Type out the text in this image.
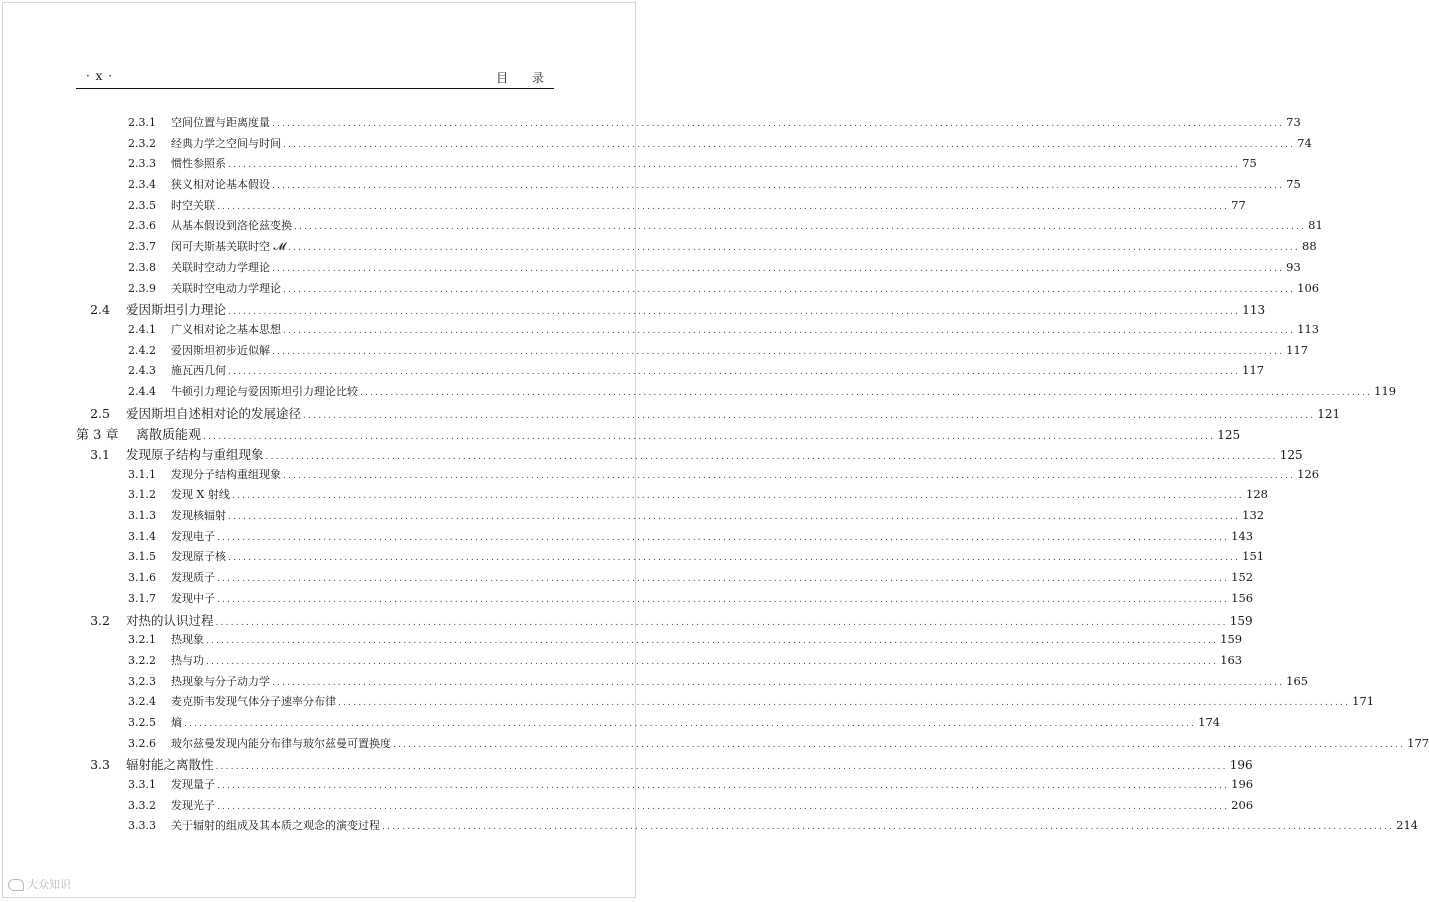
· x ·	目 录
2.3.1	空间位置与距离度量 ........................................................................................................................................................................................................ 73
2.3.2	经典力学之空间与时间 ........................................................................................................................................................................................................ 74
2.3.3	惯性参照系 ........................................................................................................................................................................................................ 75
2.3.4	狭义相对论基本假设 ........................................................................................................................................................................................................ 75
2.3.5	时空关联 ........................................................................................................................................................................................................ 77
2.3.6	从基本假设到洛伦兹变换 ........................................................................................................................................................................................................ 81
2.3.7	闵可夫斯基关联时空 𝓜 ........................................................................................................................................................................................................ 88
2.3.8	关联时空动力学理论 ........................................................................................................................................................................................................ 93
2.3.9	关联时空电动力学理论 ........................................................................................................................................................................................................ 106
2.4	爱因斯坦引力理论 ........................................................................................................................................................................................................ 113
2.4.1	广义相对论之基本思想 ........................................................................................................................................................................................................ 113
2.4.2	爱因斯坦初步近似解 ........................................................................................................................................................................................................ 117
2.4.3	施瓦西几何 ........................................................................................................................................................................................................ 117
2.4.4	牛顿引力理论与爱因斯坦引力理论比较 ........................................................................................................................................................................................................ 119
2.5	爱因斯坦自述相对论的发展途径 ........................................................................................................................................................................................................ 121
第 3 章	离散质能观 ........................................................................................................................................................................................................ 125
3.1	发现原子结构与重组现象 ........................................................................................................................................................................................................ 125
3.1.1	发现分子结构重组现象 ........................................................................................................................................................................................................ 126
3.1.2	发现 X 射线 ........................................................................................................................................................................................................ 128
3.1.3	发现核辐射 ........................................................................................................................................................................................................ 132
3.1.4	发现电子 ........................................................................................................................................................................................................ 143
3.1.5	发现原子核 ........................................................................................................................................................................................................ 151
3.1.6	发现质子 ........................................................................................................................................................................................................ 152
3.1.7	发现中子 ........................................................................................................................................................................................................ 156
3.2	对热的认识过程 ........................................................................................................................................................................................................ 159
3.2.1	热现象 ........................................................................................................................................................................................................ 159
3.2.2	热与功 ........................................................................................................................................................................................................ 163
3.2.3	热现象与分子动力学 ........................................................................................................................................................................................................ 165
3.2.4	麦克斯韦发现气体分子速率分布律 ........................................................................................................................................................................................................ 171
3.2.5	熵 ........................................................................................................................................................................................................ 174
3.2.6	玻尔兹曼发现内能分布律与玻尔兹曼可置换度 ........................................................................................................................................................................................................ 177
3.3	辐射能之离散性 ........................................................................................................................................................................................................ 196
3.3.1	发现量子 ........................................................................................................................................................................................................ 196
3.3.2	发现光子 ........................................................................................................................................................................................................ 206
3.3.3	关于辐射的组成及其本质之观念的演变过程 ........................................................................................................................................................................................................ 214
大众知识
